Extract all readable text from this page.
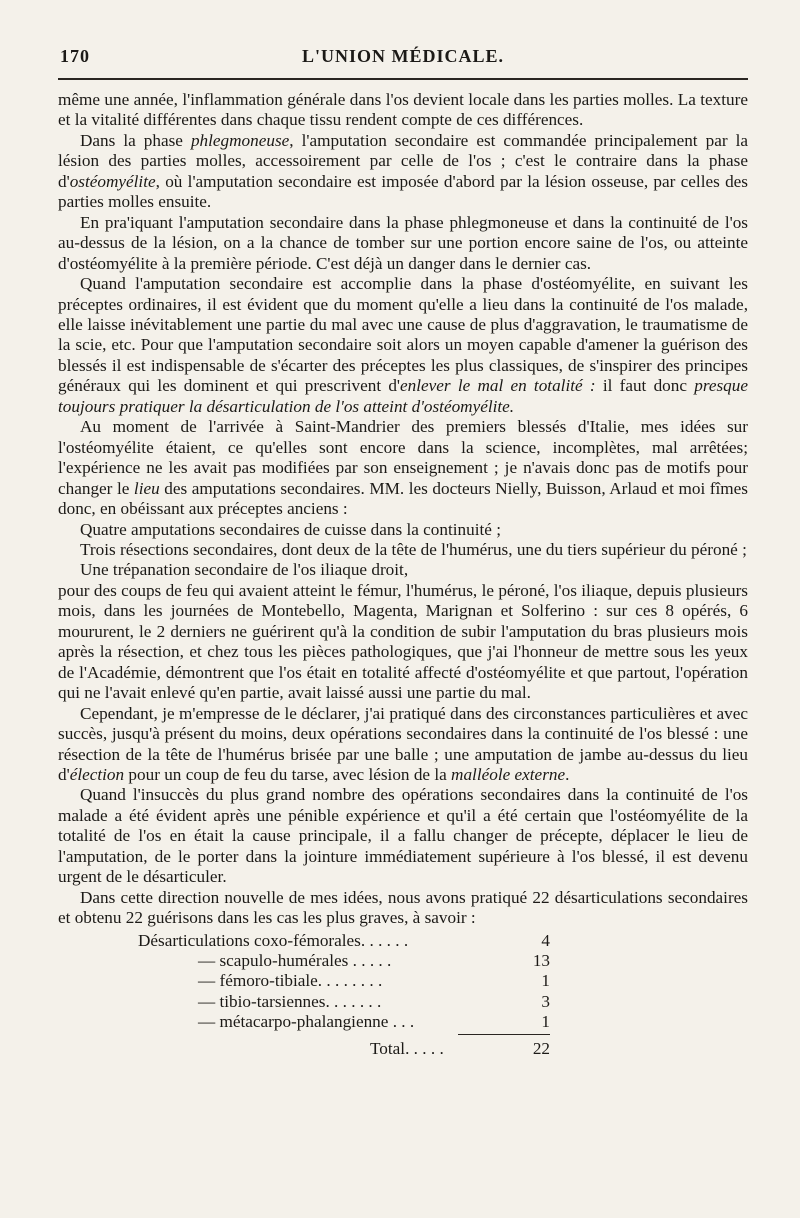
170	L'UNION MÉDICALE.

même une année, l'inflammation générale dans l'os devient locale dans les parties molles. La texture et la vitalité différentes dans chaque tissu rendent compte de ces différences.

Dans la phase phlegmoneuse, l'amputation secondaire est commandée principalement par la lésion des parties molles, accessoirement par celle de l'os ; c'est le contraire dans la phase d'ostéomyélite, où l'amputation secondaire est imposée d'abord par la lésion osseuse, par celles des parties molles ensuite.

En pra'iquant l'amputation secondaire dans la phase phlegmoneuse et dans la continuité de l'os au-dessus de la lésion, on a la chance de tomber sur une portion encore saine de l'os, ou atteinte d'ostéomyélite à la première période. C'est déjà un danger dans le dernier cas.

Quand l'amputation secondaire est accomplie dans la phase d'ostéomyélite, en suivant les préceptes ordinaires, il est évident que du moment qu'elle a lieu dans la continuité de l'os malade, elle laisse inévitablement une partie du mal avec une cause de plus d'aggravation, le traumatisme de la scie, etc. Pour que l'amputation secondaire soit alors un moyen capable d'amener la guérison des blessés il est indispensable de s'écarter des préceptes les plus classiques, de s'inspirer des principes généraux qui les dominent et qui prescrivent d'enlever le mal en totalité : il faut donc presque toujours pratiquer la désarticulation de l'os atteint d'ostéomyélite.

Au moment de l'arrivée à Saint-Mandrier des premiers blessés d'Italie, mes idées sur l'ostéomyélite étaient, ce qu'elles sont encore dans la science, incomplètes, mal arrêtées; l'expérience ne les avait pas modifiées par son enseignement ; je n'avais donc pas de motifs pour changer le lieu des amputations secondaires. MM. les docteurs Nielly, Buisson, Arlaud et moi fîmes donc, en obéissant aux préceptes anciens :

Quatre amputations secondaires de cuisse dans la continuité ;

Trois résections secondaires, dont deux de la tête de l'humérus, une du tiers supérieur du péroné ;

Une trépanation secondaire de l'os iliaque droit,

pour des coups de feu qui avaient atteint le fémur, l'humérus, le péroné, l'os iliaque, depuis plusieurs mois, dans les journées de Montebello, Magenta, Marignan et Solferino : sur ces 8 opérés, 6 moururent, le 2 derniers ne guérirent qu'à la condition de subir l'amputation du bras plusieurs mois après la résection, et chez tous les pièces pathologiques, que j'ai l'honneur de mettre sous les yeux de l'Académie, démontrent que l'os était en totalité affecté d'ostéomyélite et que partout, l'opération qui ne l'avait enlevé qu'en partie, avait laissé aussi une partie du mal.

Cependant, je m'empresse de le déclarer, j'ai pratiqué dans des circonstances particulières et avec succès, jusqu'à présent du moins, deux opérations secondaires dans la continuité de l'os blessé : une résection de la tête de l'humérus brisée par une balle ; une amputation de jambe au-dessus du lieu d'élection pour un coup de feu du tarse, avec lésion de la malléole externe.

Quand l'insuccès du plus grand nombre des opérations secondaires dans la continuité de l'os malade a été évident après une pénible expérience et qu'il a été certain que l'ostéomyélite de la totalité de l'os en était la cause principale, il a fallu changer de précepte, déplacer le lieu de l'amputation, de le porter dans la jointure immédiatement supérieure à l'os blessé, il est devenu urgent de le désarticuler.

Dans cette direction nouvelle de mes idées, nous avons pratiqué 22 désarticulations secondaires et obtenu 22 guérisons dans les cas les plus graves, à savoir :

Désarticulations coxo-fémorales. . . . . .	4
— scapulo-humérales . . . . .	13
— fémoro-tibiale. . . . . . . .	1
— tibio-tarsiennes. . . . . . .	3
— métacarpo-phalangienne . . .	1
Total. . . . .	22
